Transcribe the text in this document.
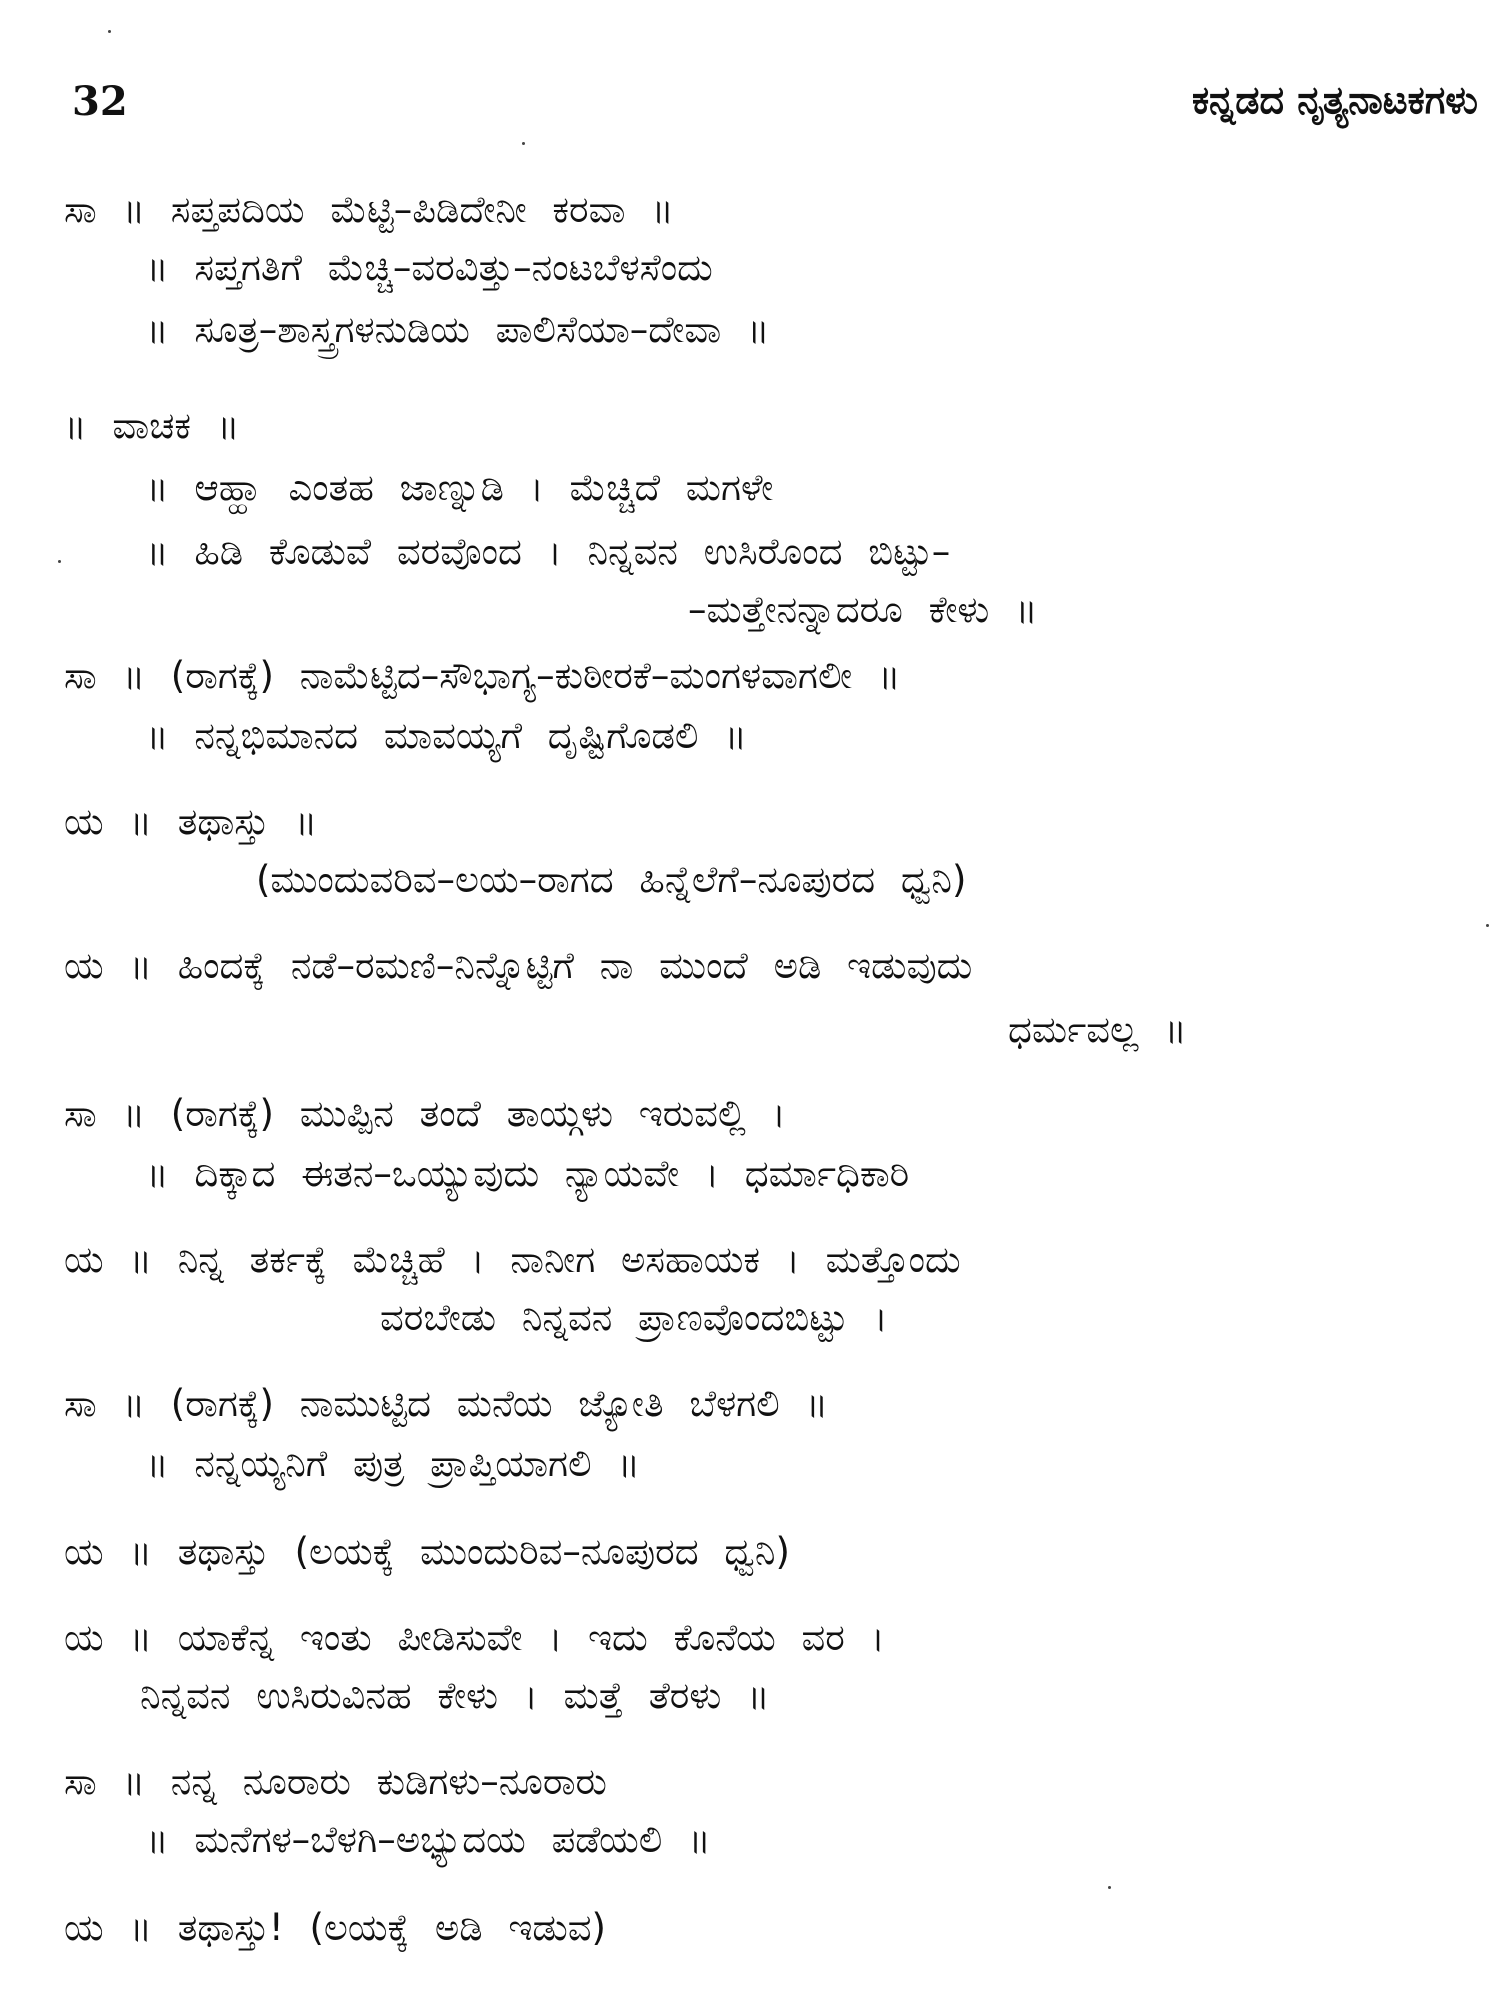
32	ಕನ್ನಡದ ನೃತ್ಯನಾಟಕಗಳು
ಸಾ ॥ ಸಪ್ತಪದಿಯ ಮೆಟ್ಟಿ–ಪಿಡಿದೇನೀ ಕರವಾ ॥
॥ ಸಪ್ತಗತಿಗೆ ಮೆಚ್ಚಿ–ವರವಿತ್ತು–ನಂಟಬೆಳಸೆಂದು
॥ ಸೂತ್ರ–ಶಾಸ್ತ್ರಗಳನುಡಿಯ ಪಾಲಿಸೆಯಾ–ದೇವಾ ॥
॥ ವಾಚಕ ॥
॥ ಆಹ್ಹಾ ಎಂತಹ ಜಾಣ್ನುಡಿ । ಮೆಚ್ಚಿದೆ ಮಗಳೇ
॥ ಹಿಡಿ ಕೊಡುವೆ ವರವೊಂದ । ನಿನ್ನವನ ಉಸಿರೊಂದ ಬಿಟ್ಟು–
–ಮತ್ತೇನನ್ನಾದರೂ ಕೇಳು ॥
ಸಾ ॥ (ರಾಗಕ್ಕೆ) ನಾಮೆಟ್ಟಿದ–ಸೌಭಾಗ್ಯ–ಕುಠೀರಕೆ–ಮಂಗಳವಾಗಲೀ ॥
॥ ನನ್ನಭಿಮಾನದ ಮಾವಯ್ಯಗೆ ದೃಷ್ಟಿಗೊಡಲಿ ॥
ಯ ॥ ತಥಾಸ್ತು ॥
(ಮುಂದುವರಿವ–ಲಯ–ರಾಗದ ಹಿನ್ನೆಲೆಗೆ–ನೂಪುರದ ಧ್ವನಿ)
ಯ ॥ ಹಿಂದಕ್ಕೆ ನಡೆ–ರಮಣಿ–ನಿನ್ನೊಟ್ಟಿಗೆ ನಾ ಮುಂದೆ ಅಡಿ ಇಡುವುದು
ಧರ್ಮವಲ್ಲ ॥
ಸಾ ॥ (ರಾಗಕ್ಕೆ) ಮುಪ್ಪಿನ ತಂದೆ ತಾಯ್ಗಳು ಇರುವಲ್ಲಿ ।
॥ ದಿಕ್ಕಾದ ಈತನ–ಒಯ್ಯುವುದು ನ್ಯಾಯವೇ । ಧರ್ಮಾಧಿಕಾರಿ
ಯ ॥ ನಿನ್ನ ತರ್ಕಕ್ಕೆ ಮೆಚ್ಚಿಹೆ । ನಾನೀಗ ಅಸಹಾಯಕ । ಮತ್ತೊಂದು
ವರಬೇಡು ನಿನ್ನವನ ಪ್ರಾಣವೊಂದಬಿಟ್ಟು ।
ಸಾ ॥ (ರಾಗಕ್ಕೆ) ನಾಮುಟ್ಟಿದ ಮನೆಯ ಜ್ಯೋತಿ ಬೆಳಗಲಿ ॥
॥ ನನ್ನಯ್ಯನಿಗೆ ಪುತ್ರ ಪ್ರಾಪ್ತಿಯಾಗಲಿ ॥
ಯ ॥ ತಥಾಸ್ತು (ಲಯಕ್ಕೆ ಮುಂದುರಿವ–ನೂಪುರದ ಧ್ವನಿ)
ಯ ॥ ಯಾಕೆನ್ನ ಇಂತು ಪೀಡಿಸುವೇ । ಇದು ಕೊನೆಯ ವರ ।
ನಿನ್ನವನ ಉಸಿರುವಿನಹ ಕೇಳು । ಮತ್ತೆ ತೆರಳು ॥
ಸಾ ॥ ನನ್ನ ನೂರಾರು ಕುಡಿಗಳು–ನೂರಾರು
॥ ಮನೆಗಳ–ಬೆಳಗಿ–ಅಭ್ಯುದಯ ಪಡೆಯಲಿ ॥
ಯ ॥ ತಥಾಸ್ತು! (ಲಯಕ್ಕೆ ಅಡಿ ಇಡುವ)
